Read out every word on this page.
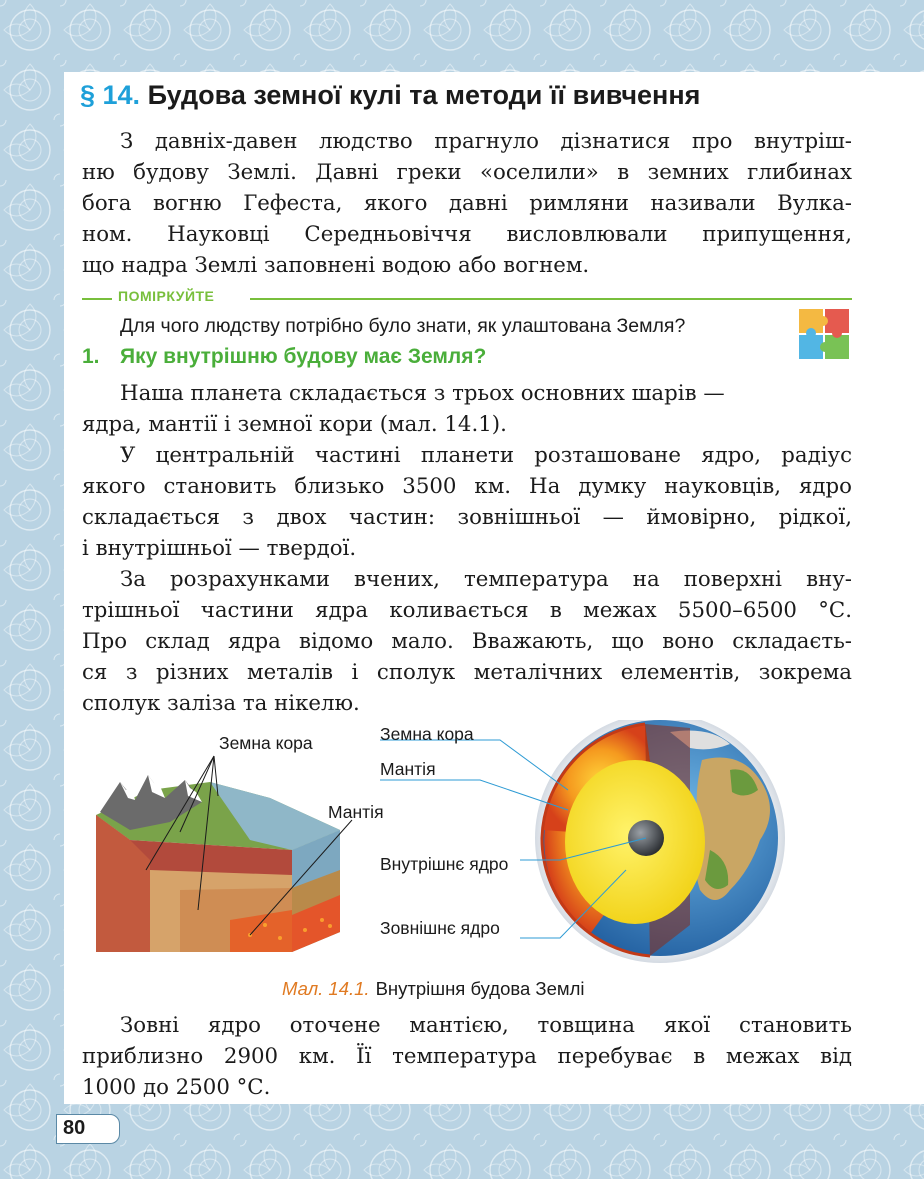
§ 14. Будова земної кулі та методи її вивчення

З давніх-давен людство прагнуло дізнатися про внутріш-

ню будову Землі. Давні греки «оселили» в земних глибинах

бога вогню Гефеста, якого давні римляни називали Вулка-

ном. Науковці Середньовіччя висловлювали припущення,

що надра Землі заповнені водою або вогнем.

ПОМІРКУЙТЕ
Для чого людству потрібно було знати, як улаштована Земля?
1. Яку внутрішню будову має Земля?

Наша планета складається з трьох основних шарів —

ядра, мантії і земної кори (мал. 14.1).

У центральній частині планети розташоване ядро, радіус

якого становить близько 3500 км. На думку науковців, ядро

складається з двох частин: зовнішньої — ймовірно, рідкої,

і внутрішньої — твердої.

За розрахунками вчених, температура на поверхні вну-

трішньої частини ядра коливається в межах 5500–6500 °С.

Про склад ядра відомо мало. Вважають, що воно складаєть-

ся з різних металів і сполук металічних елементів, зокрема

сполук заліза та нікелю.

Земна кора
Мантія
Земна кора
Мантія
Внутрішнє ядро
Зовнішнє ядро
Мал. 14.1. Внутрішня будова Землі

Зовні ядро оточене мантією, товщина якої становить

приблизно 2900 км. Її температура перебуває в межах від

1000 до 2500 °С.

80
